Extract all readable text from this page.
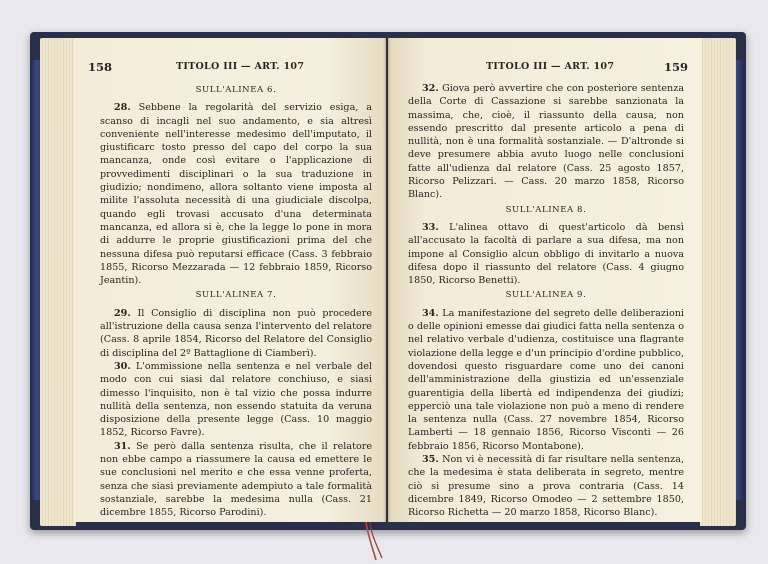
158	TITOLO III — ART. 107
SULL'ALINEA 6.

28. Sebbene la regolarità del servizio esiga, a scanso di incagli nel suo andamento, e sia altresì conveniente nell'interesse medesimo dell'imputato, il giustificarc tosto presso del capo del corpo la sua mancanza, onde così evitare o l'applicazione di provvedimenti disciplinari o la sua traduzione in giudizio; nondimeno, allora soltanto viene imposta al milite l'assoluta necessità di una giudiciale discolpa, quando egli trovasi accusato d'una determinata mancanza, ed allora si è, che la legge lo pone in mora di addurre le proprie giustificazioni prima del che nessuna difesa può reputarsi efficace (Cass. 3 febbraio 1855, Ricorso Mezzarada — 12 febbraio 1859, Ricorso Jeantin).

SULL'ALINEA 7.

29. Il Consiglio di disciplina non può procedere all'istruzione della causa senza l'intervento del relatore (Cass. 8 aprile 1854, Ricorso del Relatore del Consiglio di disciplina del 2º Battaglione di Ciamberì).

30. L'ommissione nella sentenza e nel verbale del modo con cui siasi dal relatore conchiuso, e siasi dimesso l'inquisito, non è tal vizio che possa indurre nullità della sentenza, non essendo statuita da veruna disposizione della presente legge (Cass. 10 maggio 1852, Ricorso Favre).

31. Se però dalla sentenza risulta, che il relatore non ebbe campo a riassumere la causa ed emettere le sue conclusioni nel merito e che essa venne proferta, senza che siasi previamente adempiuto a tale formalità sostanziale, sarebbe la medesima nulla (Cass. 21 dicembre 1855, Ricorso Parodini).

TITOLO III — ART. 107	159

32. Giova però avvertire che con posteriore sentenza della Corte di Cassazione si sarebbe sanzionata la massima, che, cioè, il riassunto della causa, non essendo prescritto dal presente articolo a pena di nullità, non è una formalità sostanziale. — D'altronde si deve presumere abbia avuto luogo nelle conclusioni fatte all'udienza dal relatore (Cass. 25 agosto 1857, Ricorso Pelizzari. — Cass. 20 marzo 1858, Ricorso Blanc).

SULL'ALINEA 8.

33. L'alinea ottavo di quest'articolo dà bensì all'accusato la facoltà di parlare a sua difesa, ma non impone al Consiglio alcun obbligo di invitarlo a nuova difesa dopo il riassunto del relatore (Cass. 4 giugno 1850, Ricorso Benetti).

SULL'ALINEA 9.

34. La manifestazione del segreto delle deliberazioni o delle opinioni emesse dai giudici fatta nella sentenza o nel relativo verbale d'udienza, costituisce una flagrante violazione della legge e d'un principio d'ordine pubblico, dovendosi questo risguardare come uno dei canoni dell'amministrazione della giustizia ed un'essenziale guarentigia della libertà ed indipendenza dei giudizi; epperciò una tale violazione non può a meno di rendere la sentenza nulla (Cass. 27 novembre 1854, Ricorso Lamberti — 18 gennaio 1856, Ricorso Visconti — 26 febbraio 1856, Ricorso Montabone).

35. Non vi è necessità di far risultare nella sentenza, che la medesima è stata deliberata in segreto, mentre ciò si presume sino a prova contraria (Cass. 14 dicembre 1849, Ricorso Omodeo — 2 settembre 1850, Ricorso Richetta — 20 marzo 1858, Ricorso Blanc).
